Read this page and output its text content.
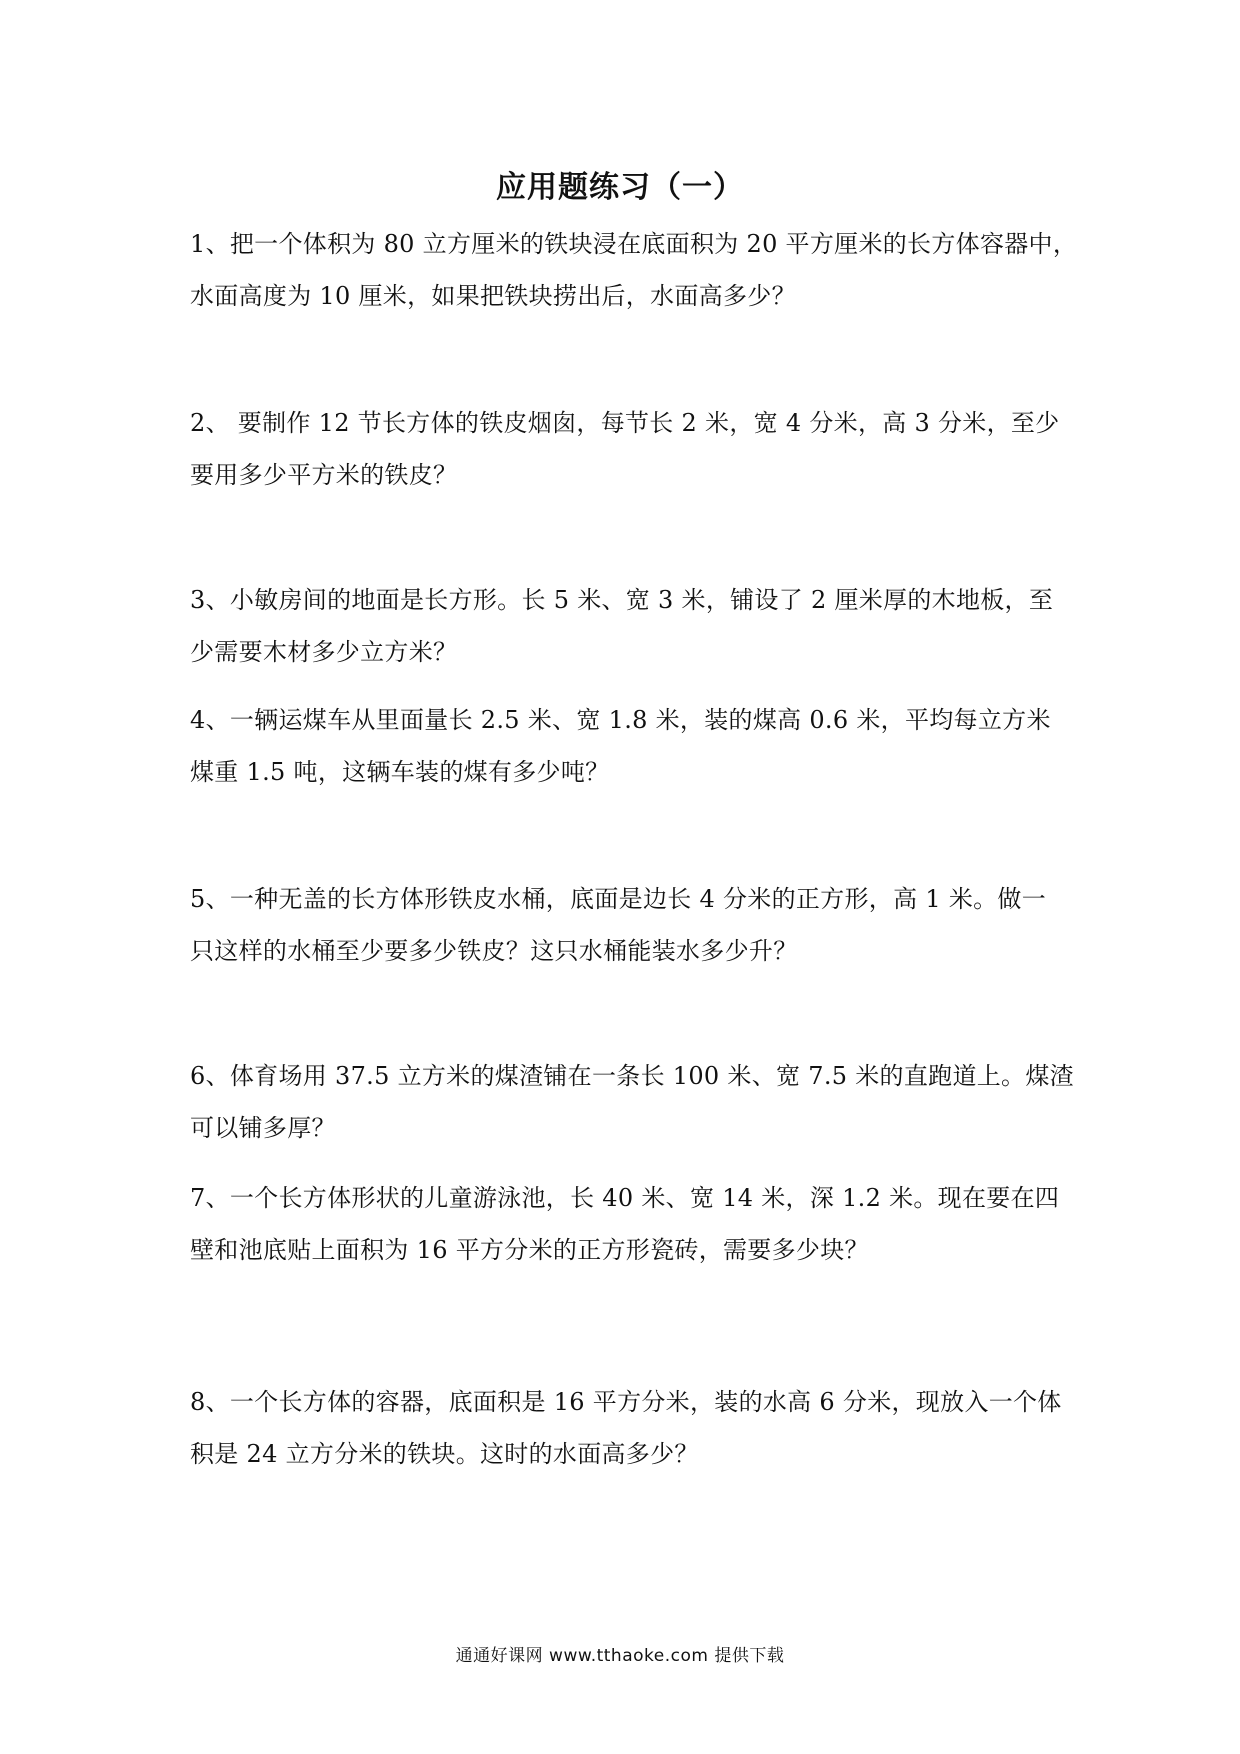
应用题练习（一）
1、把一个体积为 80 立方厘米的铁块浸在底面积为 20 平方厘米的长方体容器中，
水面高度为 10 厘米，如果把铁块捞出后，水面高多少？
2、 要制作 12 节长方体的铁皮烟囱，每节长 2 米，宽 4 分米，高 3 分米，至少
要用多少平方米的铁皮？
3、小敏房间的地面是长方形。长 5 米、宽 3 米，铺设了 2 厘米厚的木地板，至
少需要木材多少立方米？
4、一辆运煤车从里面量长 2.5 米、宽 1.8 米，装的煤高 0.6 米，平均每立方米
煤重 1.5 吨，这辆车装的煤有多少吨？
5、一种无盖的长方体形铁皮水桶，底面是边长 4 分米的正方形，高 1 米。做一
只这样的水桶至少要多少铁皮？这只水桶能装水多少升？
6、体育场用 37.5 立方米的煤渣铺在一条长 100 米、宽 7.5 米的直跑道上。煤渣
可以铺多厚？
7、一个长方体形状的儿童游泳池，长 40 米、宽 14 米，深 1.2 米。现在要在四
壁和池底贴上面积为 16 平方分米的正方形瓷砖，需要多少块？
8、一个长方体的容器，底面积是 16 平方分米，装的水高 6 分米，现放入一个体
积是 24 立方分米的铁块。这时的水面高多少？
通通好课网 www.tthaoke.com 提供下载
